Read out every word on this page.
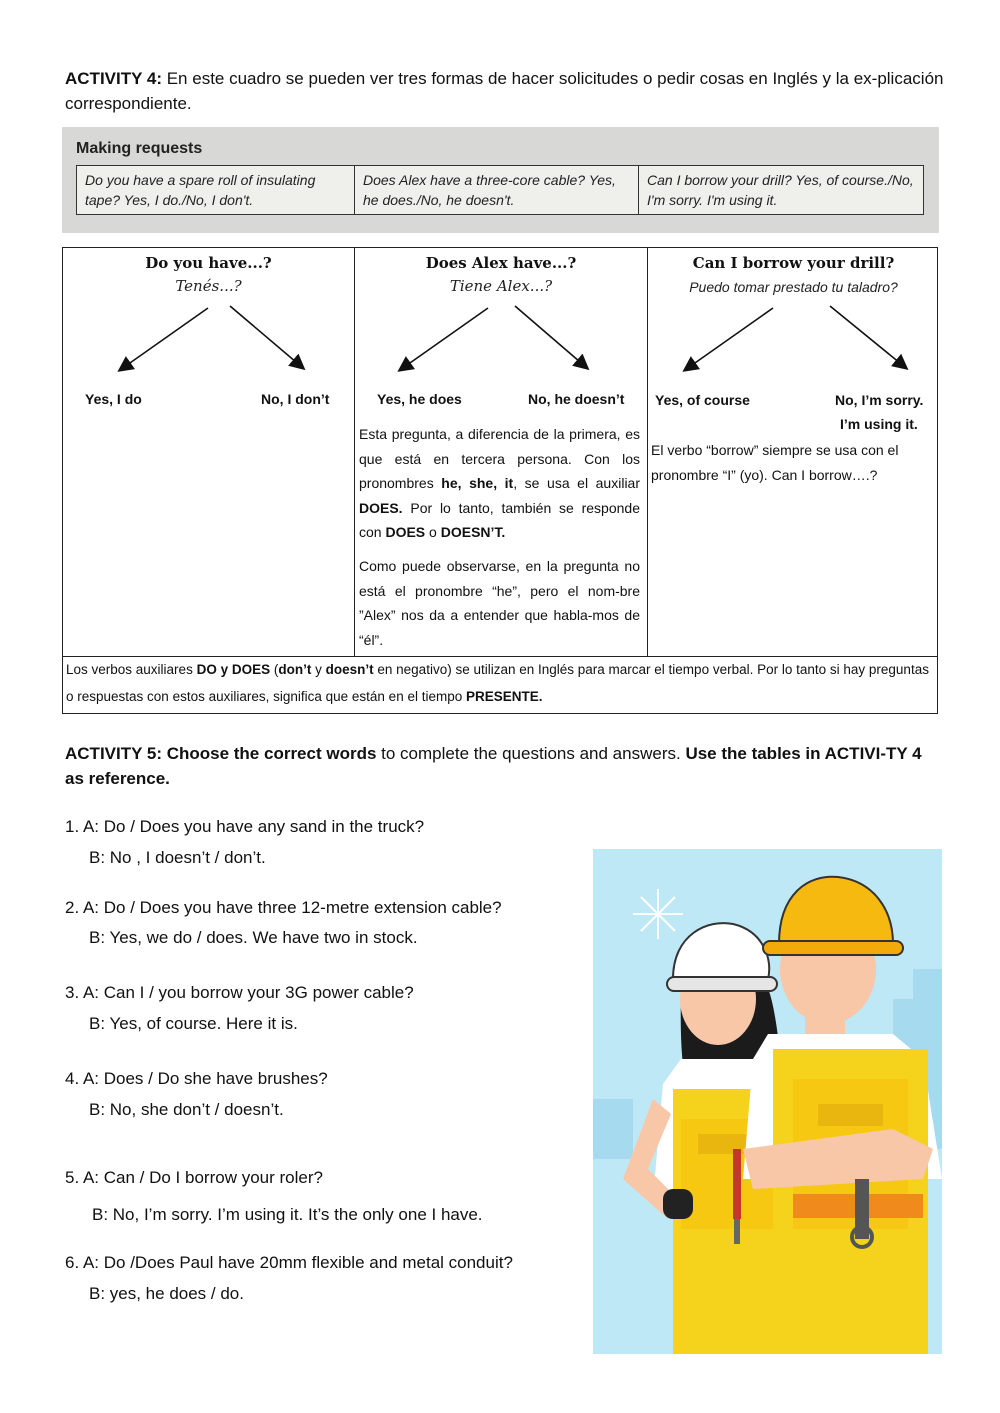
ACTIVITY 4: En este cuadro se pueden ver tres formas de hacer solicitudes o pedir cosas en Inglés y la ex-plicación correspondiente.
Making requests
Do you have a spare roll of insulating tape? Yes, I do./No, I don't.
Does Alex have a three-core cable? Yes, he does./No, he doesn't.
Can I borrow your drill? Yes, of course./No, I'm sorry. I'm using it.
Do you have...?
Tenés...?
Yes, I do	No, I don’t
Does Alex have...?
Tiene Alex...?
Yes, he does	No, he doesn’t
Esta pregunta, a diferencia de la primera, es que está en tercera persona. Con los pronombres he, she, it, se usa el auxiliar DOES. Por lo tanto, también se responde con DOES o DOESN’T.
Como puede observarse, en la pregunta no está el pronombre “he”, pero el nom-bre ”Alex” nos da a entender que habla-mos de “él”.
Can I borrow your drill?
Puedo tomar prestado tu taladro?
Yes, of course	No, I’m sorry.
I’m using it.
El verbo “borrow” siempre se usa con el pronombre “I” (yo). Can I borrow….?
Los verbos auxiliares DO y DOES (don’t y doesn’t en negativo) se utilizan en Inglés para marcar el tiempo verbal. Por lo tanto si hay preguntas o respuestas con estos auxiliares, significa que están en el tiempo PRESENTE.
ACTIVITY 5: Choose the correct words to complete the questions and answers. Use the tables in ACTIVI-TY 4 as reference.
1. A: Do / Does you have any sand in the truck?
B: No , I doesn’t / don’t.
2. A: Do / Does you have three 12-metre extension cable?
B: Yes, we do / does. We have two in stock.
3. A: Can I / you borrow your 3G power cable?
B: Yes, of course. Here it is.
4. A: Does / Do she have brushes?
B: No, she don’t / doesn’t.
5. A: Can / Do I borrow your roler?
B: No, I’m sorry. I’m using it. It’s the only one I have.
6. A: Do /Does Paul have 20mm flexible and metal conduit?
B: yes, he does / do.
